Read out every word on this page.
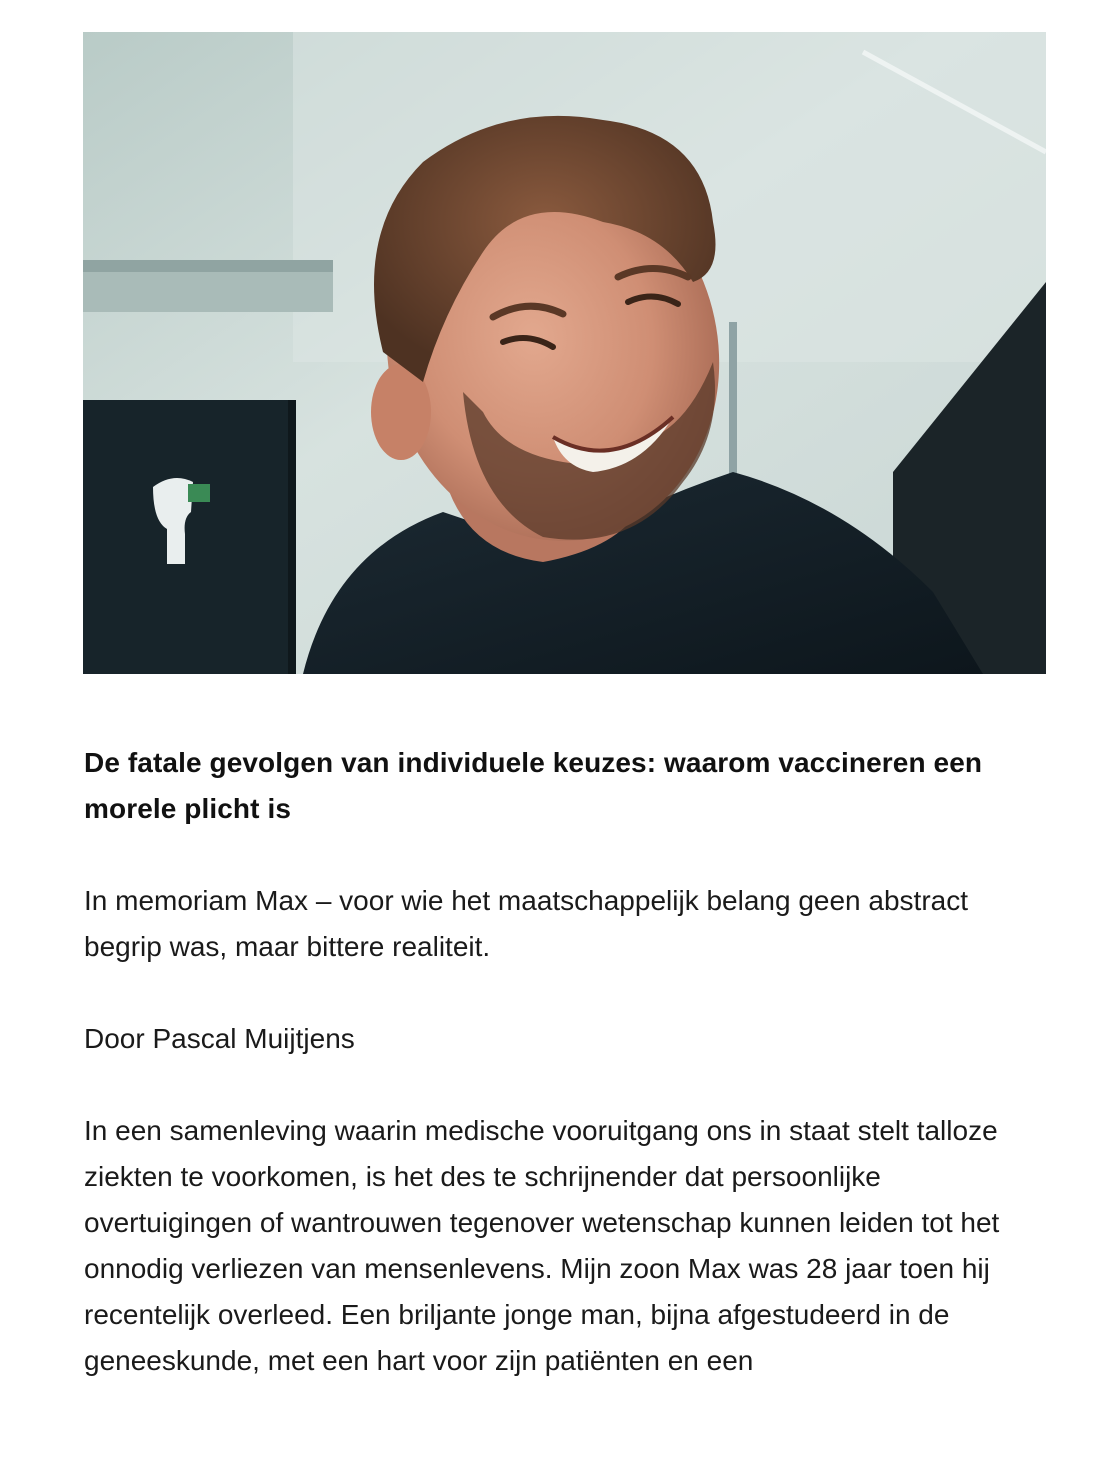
De fatale gevolgen van individuele keuzes: waarom vaccineren een morele plicht is

In memoriam Max – voor wie het maatschappelijk belang geen abstract begrip was, maar bittere realiteit.

Door Pascal Muijtjens

In een samenleving waarin medische vooruitgang ons in staat stelt talloze ziekten te voorkomen, is het des te schrijnender dat persoonlijke overtuigingen of wantrouwen tegenover wetenschap kunnen leiden tot het onnodig verliezen van mensenlevens. Mijn zoon Max was 28 jaar toen hij recentelijk overleed. Een briljante jonge man, bijna afgestudeerd in de geneeskunde, met een hart voor zijn patiënten en een
